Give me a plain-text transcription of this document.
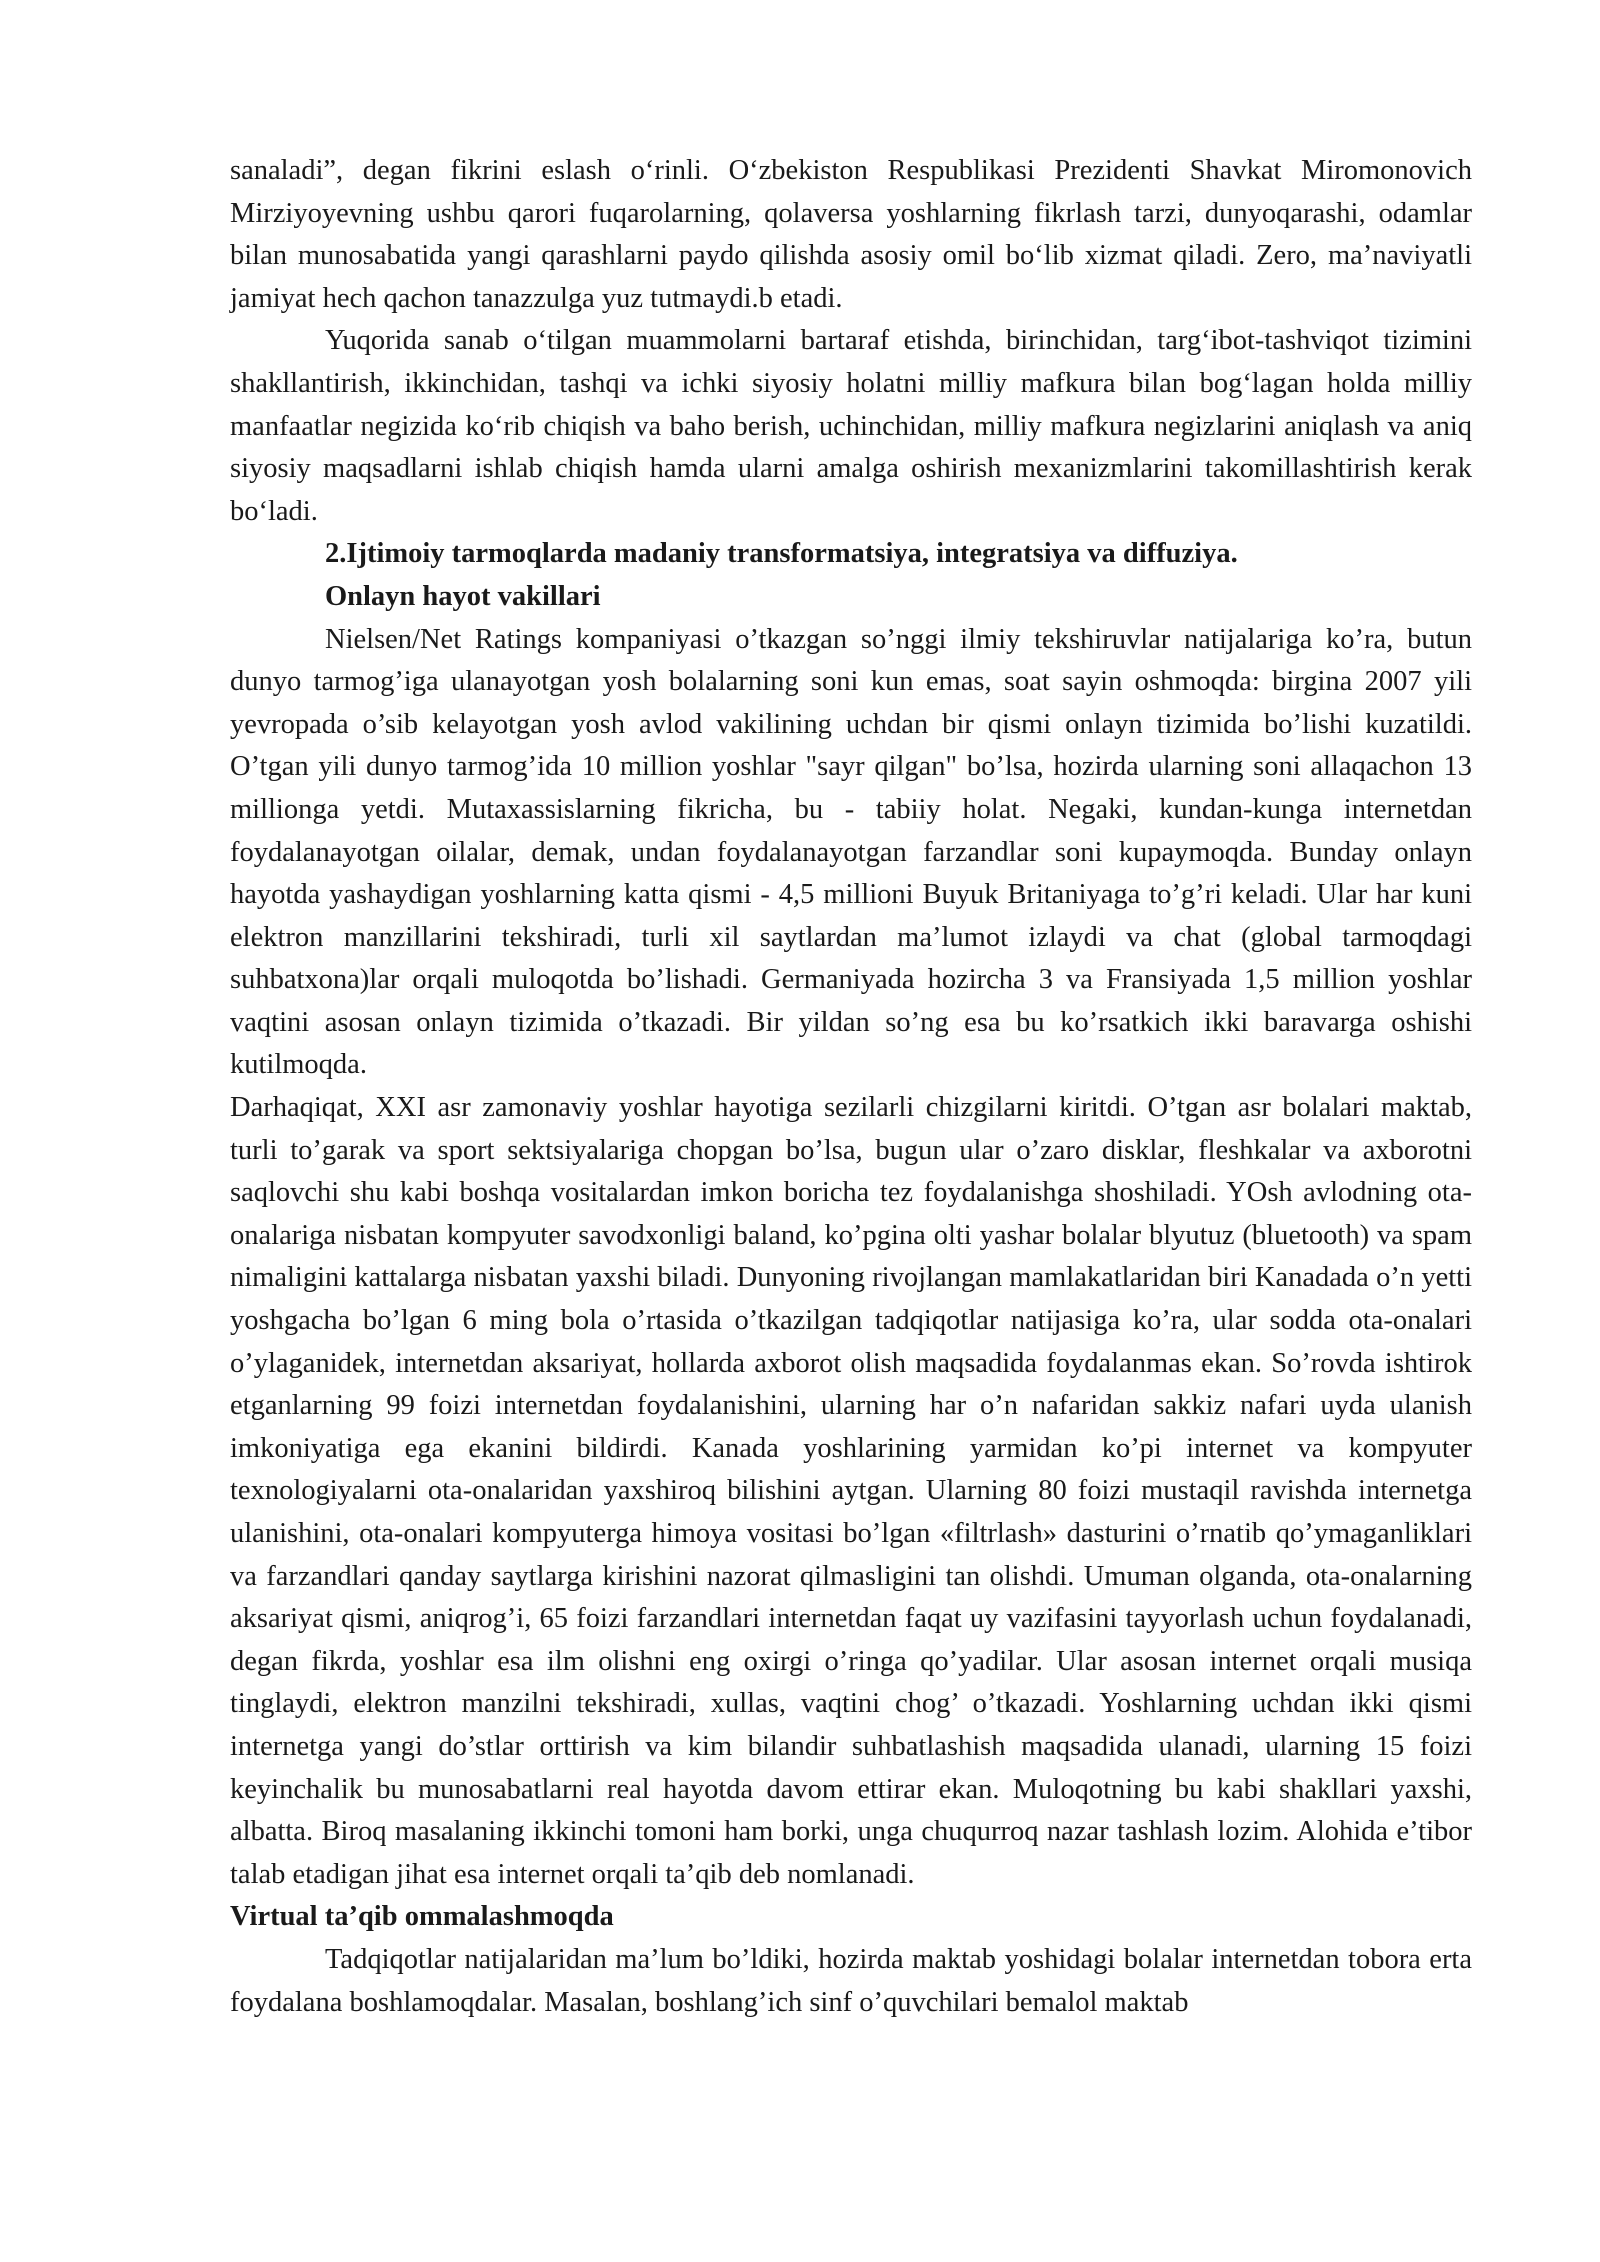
sanaladi”, degan fikrini eslash o‘rinli. O‘zbekiston Respublikasi Prezidenti Shavkat Miromonovich Mirziyoyevning ushbu qarori fuqarolarning, qolaversa yoshlarning fikrlash tarzi, dunyoqarashi, odamlar bilan munosabatida yangi qarashlarni paydo qilishda asosiy omil bo‘lib xizmat qiladi. Zero, ma’naviyatli jamiyat hech qachon tanazzulga yuz tutmaydi.b etadi.

Yuqorida sanab o‘tilgan muammolarni bartaraf etishda, birinchidan, targ‘ibot-tashviqot tizimini shakllantirish, ikkinchidan, tashqi va ichki siyosiy holatni milliy mafkura bilan bog‘lagan holda milliy manfaatlar negizida ko‘rib chiqish va baho berish, uchinchidan, milliy mafkura negizlarini aniqlash va aniq siyosiy maqsadlarni ishlab chiqish hamda ularni amalga oshirish mexanizmlarini takomillashtirish kerak bo‘ladi.

2.Ijtimoiy tarmoqlarda madaniy transformatsiya, integratsiya va diffuziya.

Onlayn hayot vakillari

Nielsen/Net Ratings kompaniyasi o’tkazgan so’nggi ilmiy tekshiruvlar natijalariga ko’ra, butun dunyo tarmog’iga ulanayotgan yosh bolalarning soni kun emas, soat sayin oshmoqda: birgina 2007 yili yevropada o’sib kelayotgan yosh avlod vakilining uchdan bir qismi onlayn tizimida bo’lishi kuzatildi. O’tgan yili dunyo tarmog’ida 10 million yoshlar "sayr qilgan" bo’lsa, hozirda ularning soni allaqachon 13 millionga yetdi. Mutaxassislarning fikricha, bu - tabiiy holat. Negaki, kundan-kunga internetdan foydalanayotgan oilalar, demak, undan foydalanayotgan farzandlar soni kupaymoqda. Bunday onlayn hayotda yashaydigan yoshlarning katta qismi - 4,5 millioni Buyuk Britaniyaga to’g’ri keladi. Ular har kuni elektron manzillarini tekshiradi, turli xil saytlardan ma’lumot izlaydi va chat (global tarmoqdagi suhbatxona)lar orqali muloqotda bo’lishadi. Germaniyada hozircha 3 va Fransiyada 1,5 million yoshlar vaqtini asosan onlayn tizimida o’tkazadi. Bir yildan so’ng esa bu ko’rsatkich ikki baravarga oshishi kutilmoqda.

Darhaqiqat, XXI asr zamonaviy yoshlar hayotiga sezilarli chizgilarni kiritdi. O’tgan asr bolalari maktab, turli to’garak va sport sektsiyalariga chopgan bo’lsa, bugun ular o’zaro disklar, fleshkalar va axborotni saqlovchi shu kabi boshqa vositalardan imkon boricha tez foydalanishga shoshiladi. YOsh avlodning ota-onalariga nisbatan kompyuter savodxonligi baland, ko’pgina olti yashar bolalar blyutuz (bluetooth) va spam nimaligini kattalarga nisbatan yaxshi biladi. Dunyoning rivojlangan mamlakatlaridan biri Kanadada o’n yetti yoshgacha bo’lgan 6 ming bola o’rtasida o’tkazilgan tadqiqotlar natijasiga ko’ra, ular sodda ota-onalari o’ylaganidek, internetdan aksariyat, hollarda axborot olish maqsadida foydalanmas ekan. So’rovda ishtirok etganlarning 99 foizi internetdan foydalanishini, ularning har o’n nafaridan sakkiz nafari uyda ulanish imkoniyatiga ega ekanini bildirdi. Kanada yoshlarining yarmidan ko’pi internet va kompyuter texnologiyalarni ota-onalaridan yaxshiroq bilishini aytgan. Ularning 80 foizi mustaqil ravishda internetga ulanishini, ota-onalari kompyuterga himoya vositasi bo’lgan «filtrlash» dasturini o’rnatib qo’ymaganliklari va farzandlari qanday saytlarga kirishini nazorat qilmasligini tan olishdi. Umuman olganda, ota-onalarning aksariyat qismi, aniqrog’i, 65 foizi farzandlari internetdan faqat uy vazifasini tayyorlash uchun foydalanadi, degan fikrda, yoshlar esa ilm olishni eng oxirgi o’ringa qo’yadilar. Ular asosan internet orqali musiqa tinglaydi, elektron manzilni tekshiradi, xullas, vaqtini chog’ o’tkazadi. Yoshlarning uchdan ikki qismi internetga yangi do’stlar orttirish va kim bilandir suhbatlashish maqsadida ulanadi, ularning 15 foizi keyinchalik bu munosabatlarni real hayotda davom ettirar ekan. Muloqotning bu kabi shakllari yaxshi, albatta. Biroq masalaning ikkinchi tomoni ham borki, unga chuqurroq nazar tashlash lozim. Alohida e’tibor talab etadigan jihat esa internet orqali ta’qib deb nomlanadi.

Virtual ta’qib ommalashmoqda

Tadqiqotlar natijalaridan ma’lum bo’ldiki, hozirda maktab yoshidagi bolalar internetdan tobora erta foydalana boshlamoqdalar. Masalan, boshlang’ich sinf o’quvchilari bemalol maktab
